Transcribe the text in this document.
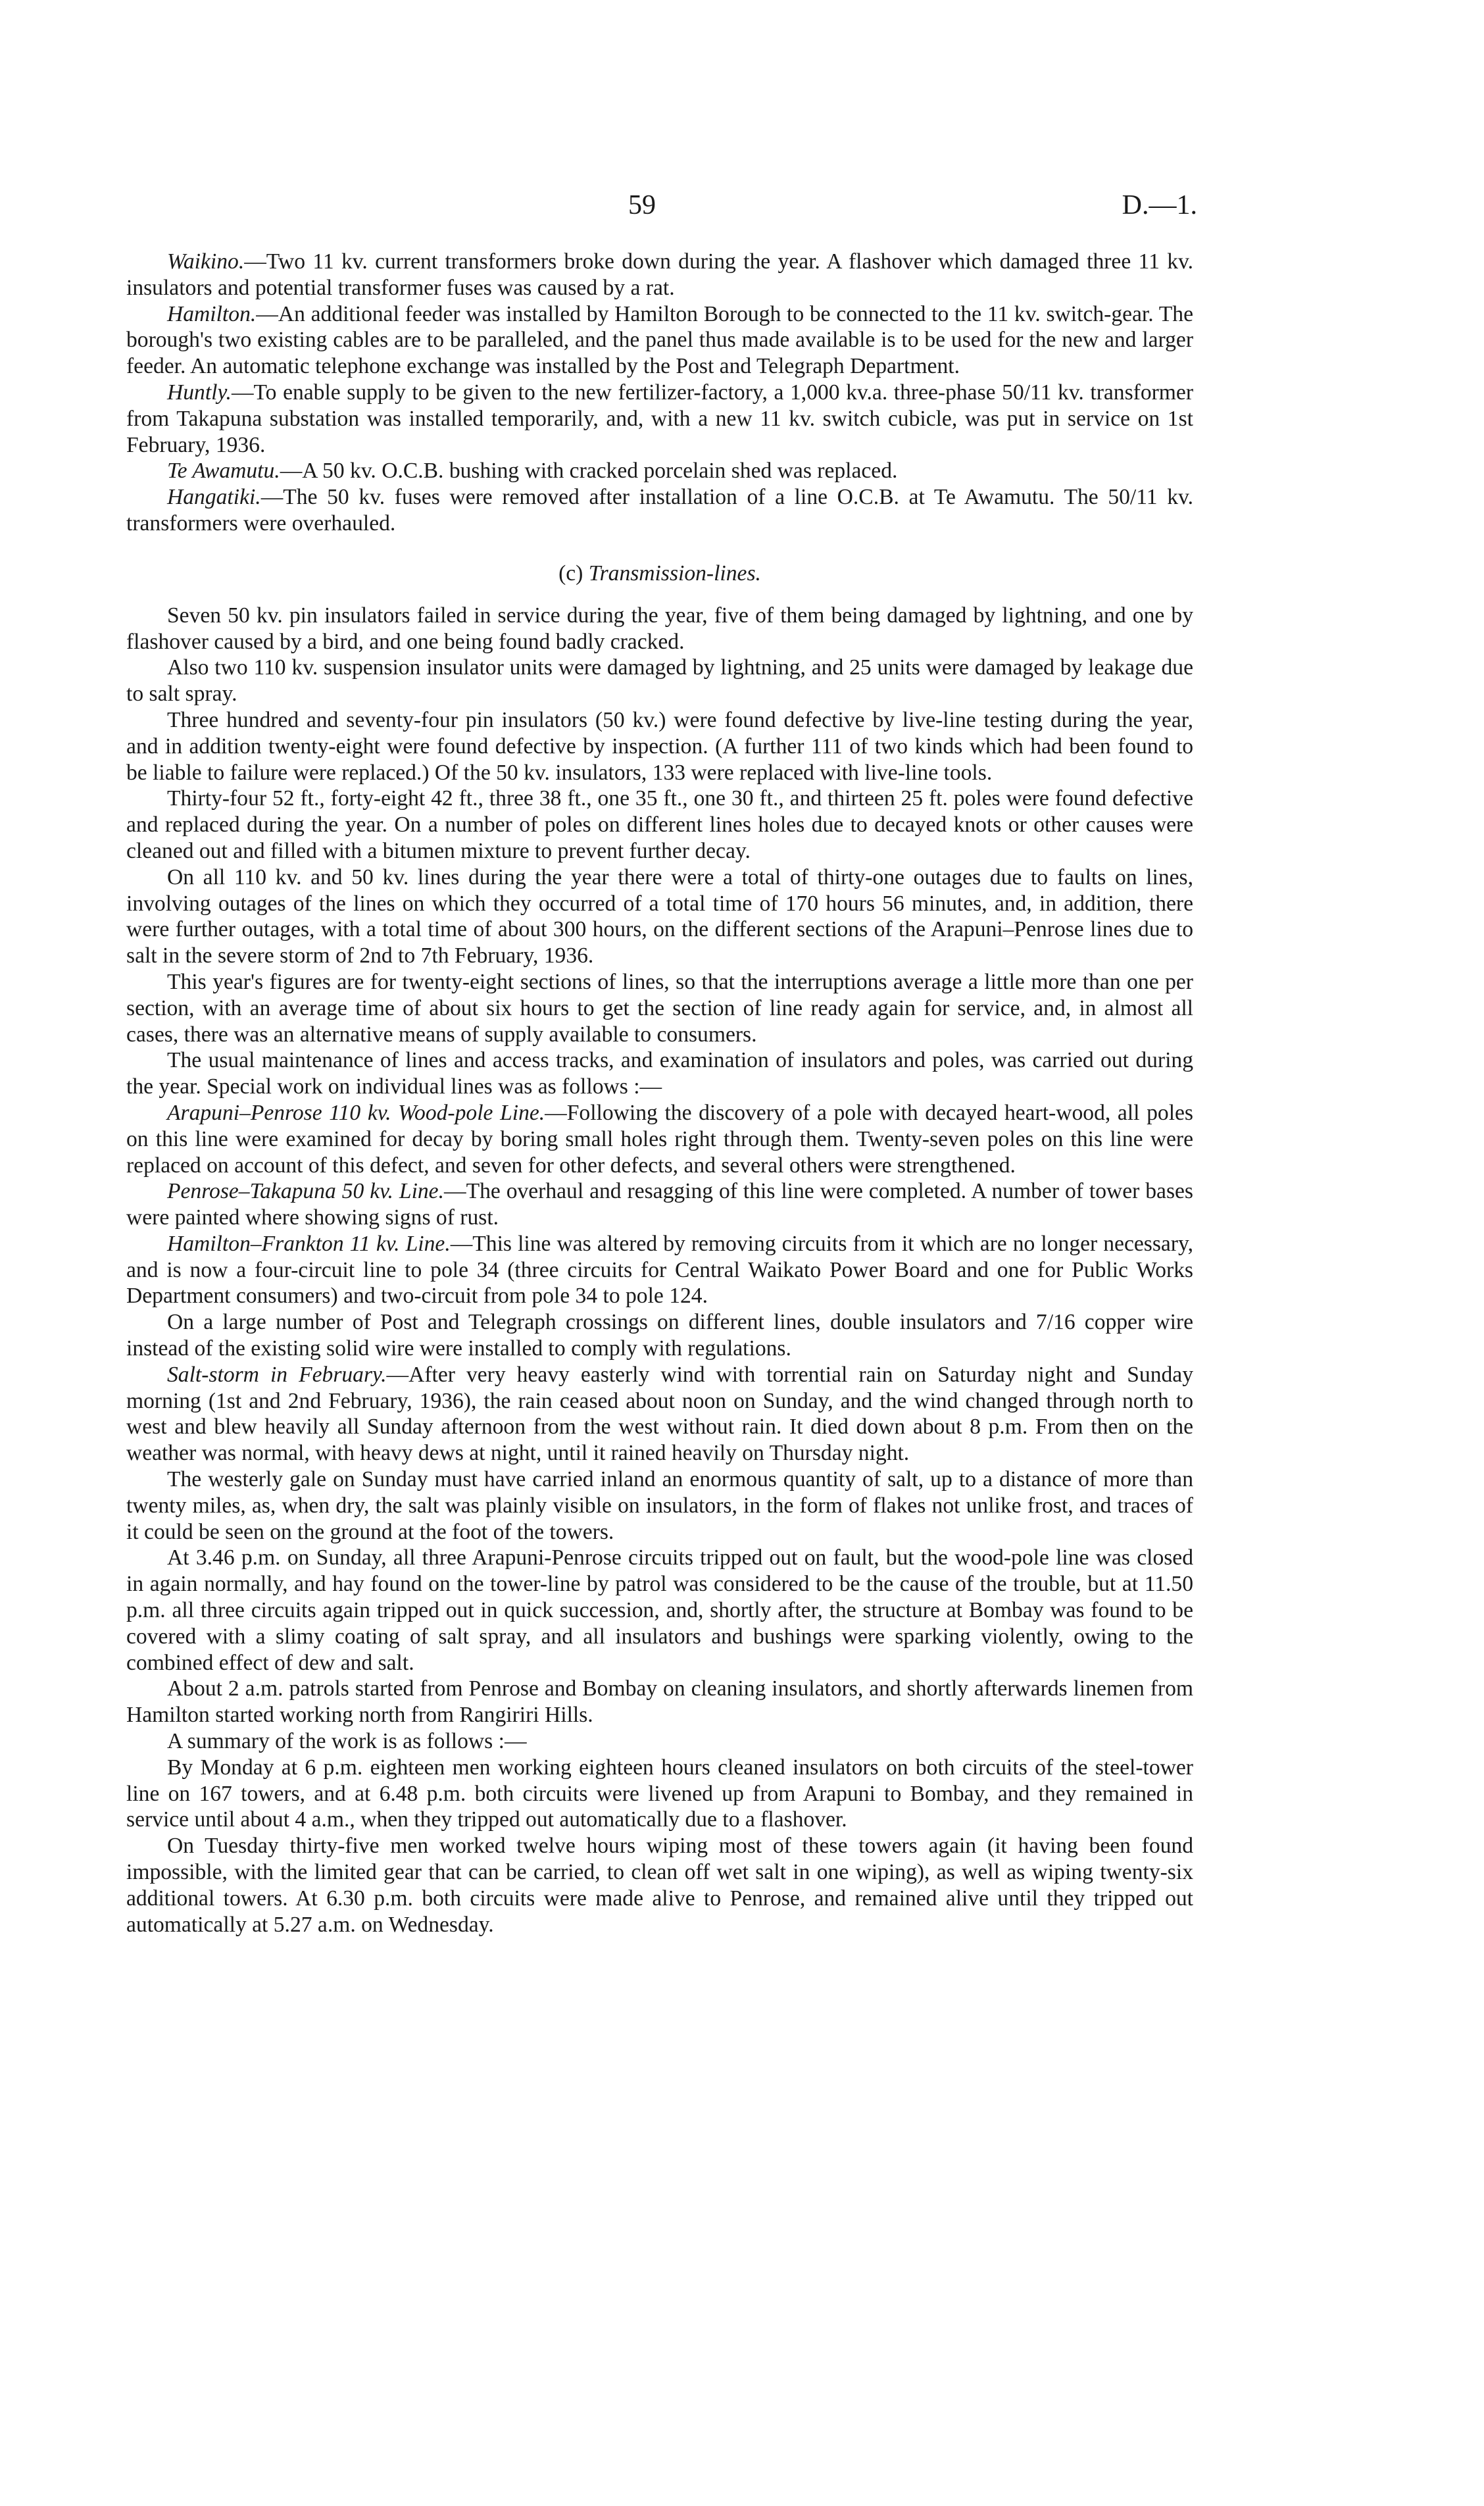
59	D.—1.

Waikino.—Two 11 kv. current transformers broke down during the year. A flashover which damaged three 11 kv. insulators and potential transformer fuses was caused by a rat.

Hamilton.—An additional feeder was installed by Hamilton Borough to be connected to the 11 kv. switch-gear. The borough's two existing cables are to be paralleled, and the panel thus made available is to be used for the new and larger feeder. An automatic telephone exchange was installed by the Post and Telegraph Department.

Huntly.—To enable supply to be given to the new fertilizer-factory, a 1,000 kv.a. three-phase 50/11 kv. transformer from Takapuna substation was installed temporarily, and, with a new 11 kv. switch cubicle, was put in service on 1st February, 1936.

Te Awamutu.—A 50 kv. O.C.B. bushing with cracked porcelain shed was replaced.

Hangatiki.—The 50 kv. fuses were removed after installation of a line O.C.B. at Te Awamutu. The 50/11 kv. transformers were overhauled.

(c) Transmission-lines.

Seven 50 kv. pin insulators failed in service during the year, five of them being damaged by lightning, and one by flashover caused by a bird, and one being found badly cracked.

Also two 110 kv. suspension insulator units were damaged by lightning, and 25 units were damaged by leakage due to salt spray.

Three hundred and seventy-four pin insulators (50 kv.) were found defective by live-line testing during the year, and in addition twenty-eight were found defective by inspection. (A further 111 of two kinds which had been found to be liable to failure were replaced.) Of the 50 kv. insulators, 133 were replaced with live-line tools.

Thirty-four 52 ft., forty-eight 42 ft., three 38 ft., one 35 ft., one 30 ft., and thirteen 25 ft. poles were found defective and replaced during the year. On a number of poles on different lines holes due to decayed knots or other causes were cleaned out and filled with a bitumen mixture to prevent further decay.

On all 110 kv. and 50 kv. lines during the year there were a total of thirty-one outages due to faults on lines, involving outages of the lines on which they occurred of a total time of 170 hours 56 minutes, and, in addition, there were further outages, with a total time of about 300 hours, on the different sections of the Arapuni–Penrose lines due to salt in the severe storm of 2nd to 7th February, 1936.

This year's figures are for twenty-eight sections of lines, so that the interruptions average a little more than one per section, with an average time of about six hours to get the section of line ready again for service, and, in almost all cases, there was an alternative means of supply available to consumers.

The usual maintenance of lines and access tracks, and examination of insulators and poles, was carried out during the year. Special work on individual lines was as follows :—

Arapuni–Penrose 110 kv. Wood-pole Line.—Following the discovery of a pole with decayed heart-wood, all poles on this line were examined for decay by boring small holes right through them. Twenty-seven poles on this line were replaced on account of this defect, and seven for other defects, and several others were strengthened.

Penrose–Takapuna 50 kv. Line.—The overhaul and resagging of this line were completed. A number of tower bases were painted where showing signs of rust.

Hamilton–Frankton 11 kv. Line.—This line was altered by removing circuits from it which are no longer necessary, and is now a four-circuit line to pole 34 (three circuits for Central Waikato Power Board and one for Public Works Department consumers) and two-circuit from pole 34 to pole 124.

On a large number of Post and Telegraph crossings on different lines, double insulators and 7/16 copper wire instead of the existing solid wire were installed to comply with regulations.

Salt-storm in February.—After very heavy easterly wind with torrential rain on Saturday night and Sunday morning (1st and 2nd February, 1936), the rain ceased about noon on Sunday, and the wind changed through north to west and blew heavily all Sunday afternoon from the west without rain. It died down about 8 p.m. From then on the weather was normal, with heavy dews at night, until it rained heavily on Thursday night.

The westerly gale on Sunday must have carried inland an enormous quantity of salt, up to a distance of more than twenty miles, as, when dry, the salt was plainly visible on insulators, in the form of flakes not unlike frost, and traces of it could be seen on the ground at the foot of the towers.

At 3.46 p.m. on Sunday, all three Arapuni-Penrose circuits tripped out on fault, but the wood-pole line was closed in again normally, and hay found on the tower-line by patrol was considered to be the cause of the trouble, but at 11.50 p.m. all three circuits again tripped out in quick succession, and, shortly after, the structure at Bombay was found to be covered with a slimy coating of salt spray, and all insulators and bushings were sparking violently, owing to the combined effect of dew and salt.

About 2 a.m. patrols started from Penrose and Bombay on cleaning insulators, and shortly afterwards linemen from Hamilton started working north from Rangiriri Hills.

A summary of the work is as follows :—

By Monday at 6 p.m. eighteen men working eighteen hours cleaned insulators on both circuits of the steel-tower line on 167 towers, and at 6.48 p.m. both circuits were livened up from Arapuni to Bombay, and they remained in service until about 4 a.m., when they tripped out automatically due to a flashover.

On Tuesday thirty-five men worked twelve hours wiping most of these towers again (it having been found impossible, with the limited gear that can be carried, to clean off wet salt in one wiping), as well as wiping twenty-six additional towers. At 6.30 p.m. both circuits were made alive to Penrose, and remained alive until they tripped out automatically at 5.27 a.m. on Wednesday.
